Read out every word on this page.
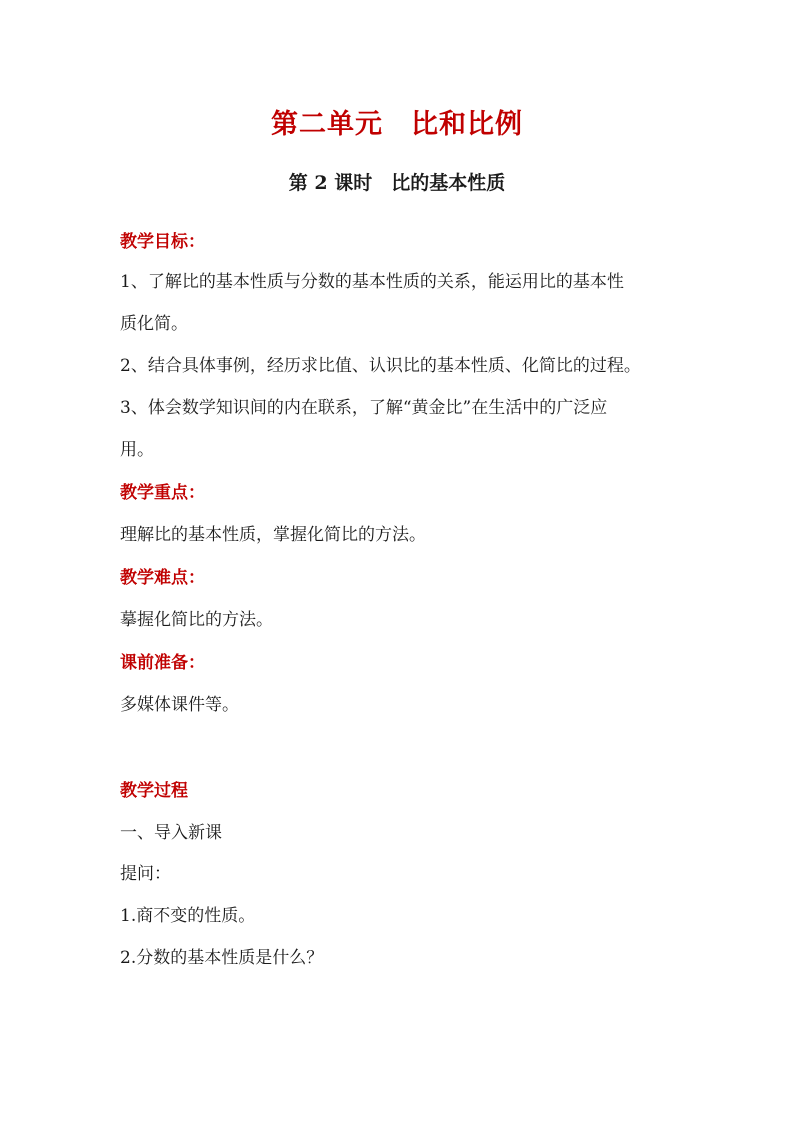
第二单元　比和比例
第 2 课时　比的基本性质
教学目标：
1、了解比的基本性质与分数的基本性质的关系，能运用比的基本性
质化简。
2、结合具体事例，经历求比值、认识比的基本性质、化简比的过程。
3、体会数学知识间的内在联系，了解“黄金比”在生活中的广泛应
用。
教学重点：
理解比的基本性质，掌握化简比的方法。
教学难点：
摹握化简比的方法。
课前准备：
多媒体课件等。
教学过程
一、导入新课
提问：
1.商不变的性质。
2.分数的基本性质是什么？
